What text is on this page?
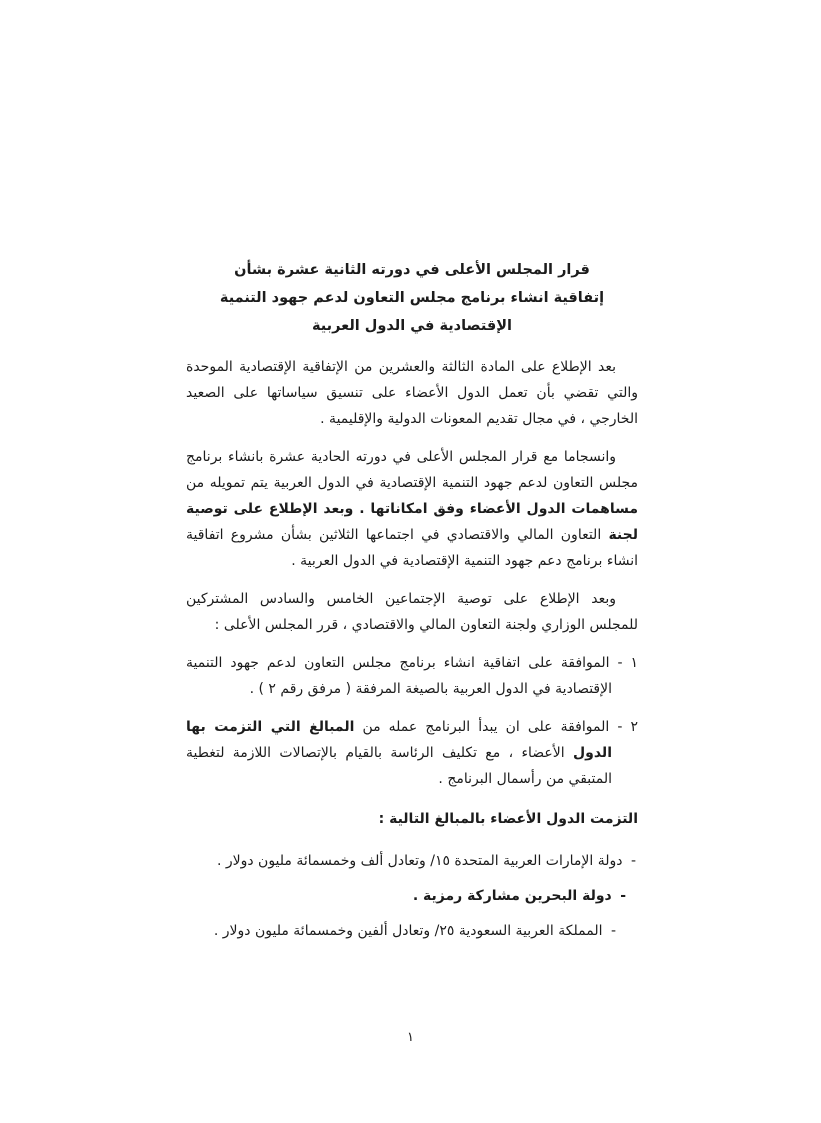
قرار المجلس الأعلى في دورته الثانية عشرة بشأن
إتفاقية انشاء برنامج مجلس التعاون لدعم جهود التنمية
الإقتصادية في الدول العربية

بعد الإطلاع على المادة الثالثة والعشرين من الإتفاقية الإقتصادية الموحدة والتي تقضي بأن تعمل الدول الأعضاء على تنسيق سياساتها على الصعيد الخارجي ، في مجال تقديم المعونات الدولية والإقليمية .

وانسجاما مع قرار المجلس الأعلى في دورته الحادية عشرة بانشاء برنامج مجلس التعاون لدعم جهود التنمية الإقتصادية في الدول العربية يتم تمويله من مساهمات الدول الأعضاء وفق امكاناتها . وبعد الإطلاع على توصية لجنة التعاون المالي والاقتصادي في اجتماعها الثلاثين بشأن مشروع اتفاقية انشاء برنامج دعم جهود التنمية الإقتصادية في الدول العربية .

وبعد الإطلاع على توصية الإجتماعين الخامس والسادس المشتركين للمجلس الوزاري ولجنة التعاون المالي والاقتصادي ، قرر المجلس الأعلى :

١ - الموافقة على اتفاقية انشاء برنامج مجلس التعاون لدعم جهود التنمية الإقتصادية في الدول العربية بالصيغة المرفقة ( مرفق رقم ٢ ) .
٢ - الموافقة على ان يبدأ البرنامج عمله من المبالغ التي التزمت بها الدول الأعضاء ، مع تكليف الرئاسة بالقيام بالإتصالات اللازمة لتغطية المتبقي من رأسمال البرنامج .
التزمت الدول الأعضاء بالمبالغ التالية :
- دولة الإمارات العربية المتحدة ١٥/ وتعادل ألف وخمسمائة مليون دولار .
- دولة البحرين مشاركة رمزية .
- المملكة العربية السعودية ٢٥/ وتعادل ألفين وخمسمائة مليون دولار .
١
